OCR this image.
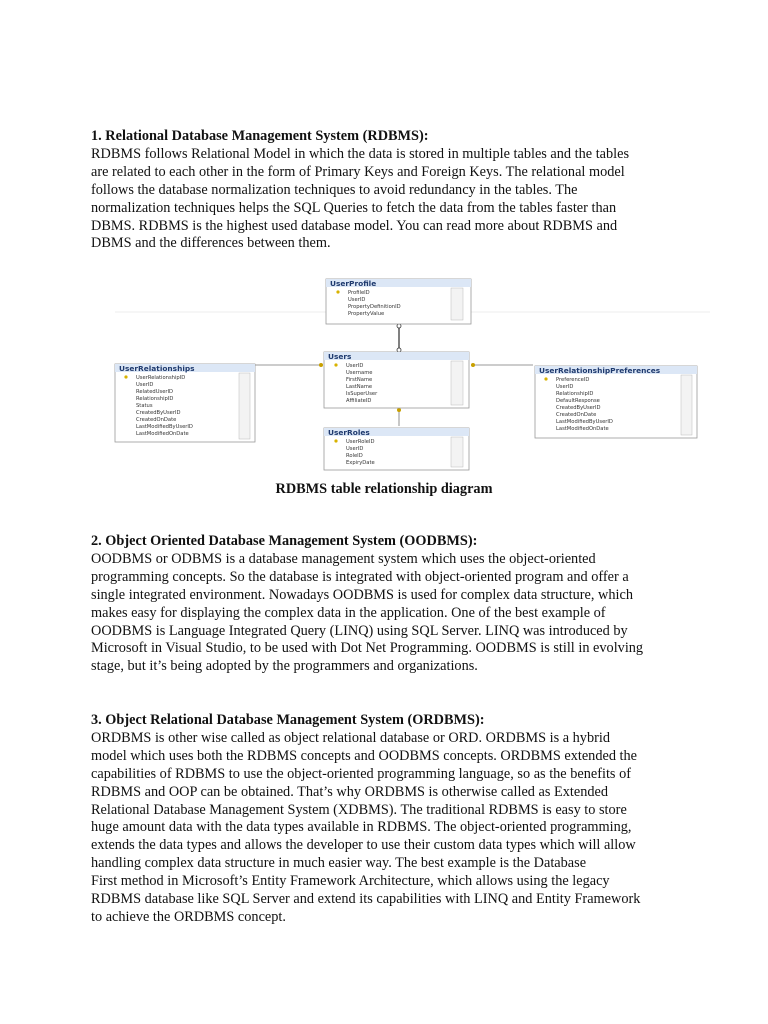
1. Relational Database Management System (RDBMS):

RDBMS follows Relational Model in which the data is stored in multiple tables and the tables

are related to each other in the form of Primary Keys and Foreign Keys. The relational model

follows the database normalization techniques to avoid redundancy in the tables. The

normalization techniques helps the SQL Queries to fetch the data from the tables faster than

DBMS. RDBMS is the highest used database model. You can read more about RDBMS and

DBMS and the differences between them.

UserProfile
ProfileID
UserID
PropertyDefinitionID
PropertyValue
Users
UserID
Username
FirstName
LastName
IsSuperUser
AffiliateID
UserRelationships
UserRelationshipID
UserID
RelatedUserID
RelationshipID
Status
CreatedByUserID
CreatedOnDate
LastModifiedByUserID
LastModifiedOnDate
UserRelationshipPreferences
PreferenceID
UserID
RelationshipID
DefaultResponse
CreatedByUserID
CreatedOnDate
LastModifiedByUserID
LastModifiedOnDate
UserRoles
UserRoleID
UserID
RoleID
ExpiryDate
RDBMS table relationship diagram
2. Object Oriented Database Management System (OODBMS):

OODBMS or ODBMS is a database management system which uses the object-oriented

programming concepts. So the database is integrated with object-oriented program and offer a

single integrated environment. Nowadays OODBMS is used for complex data structure, which

makes easy for displaying the complex data in the application. One of the best example of

OODBMS is Language Integrated Query (LINQ) using SQL Server. LINQ was introduced by

Microsoft in Visual Studio, to be used with Dot Net Programming. OODBMS is still in evolving

stage, but it’s being adopted by the programmers and organizations.

3. Object Relational Database Management System (ORDBMS):

ORDBMS is other wise called as object relational database or ORD. ORDBMS is a hybrid

model which uses both the RDBMS concepts and OODBMS concepts. ORDBMS extended the

capabilities of RDBMS to use the object-oriented programming language, so as the benefits of

RDBMS and OOP can be obtained. That’s why ORDBMS is otherwise called as Extended

Relational Database Management System (XDBMS). The traditional RDBMS is easy to store

huge amount data with the data types available in RDBMS. The object-oriented programming,

extends the data types and allows the developer to use their custom data types which will allow

handling complex data structure in much easier way. The best example is the Database

First method in Microsoft’s Entity Framework Architecture, which allows using the legacy

RDBMS database like SQL Server and extend its capabilities with LINQ and Entity Framework

to achieve the ORDBMS concept.
